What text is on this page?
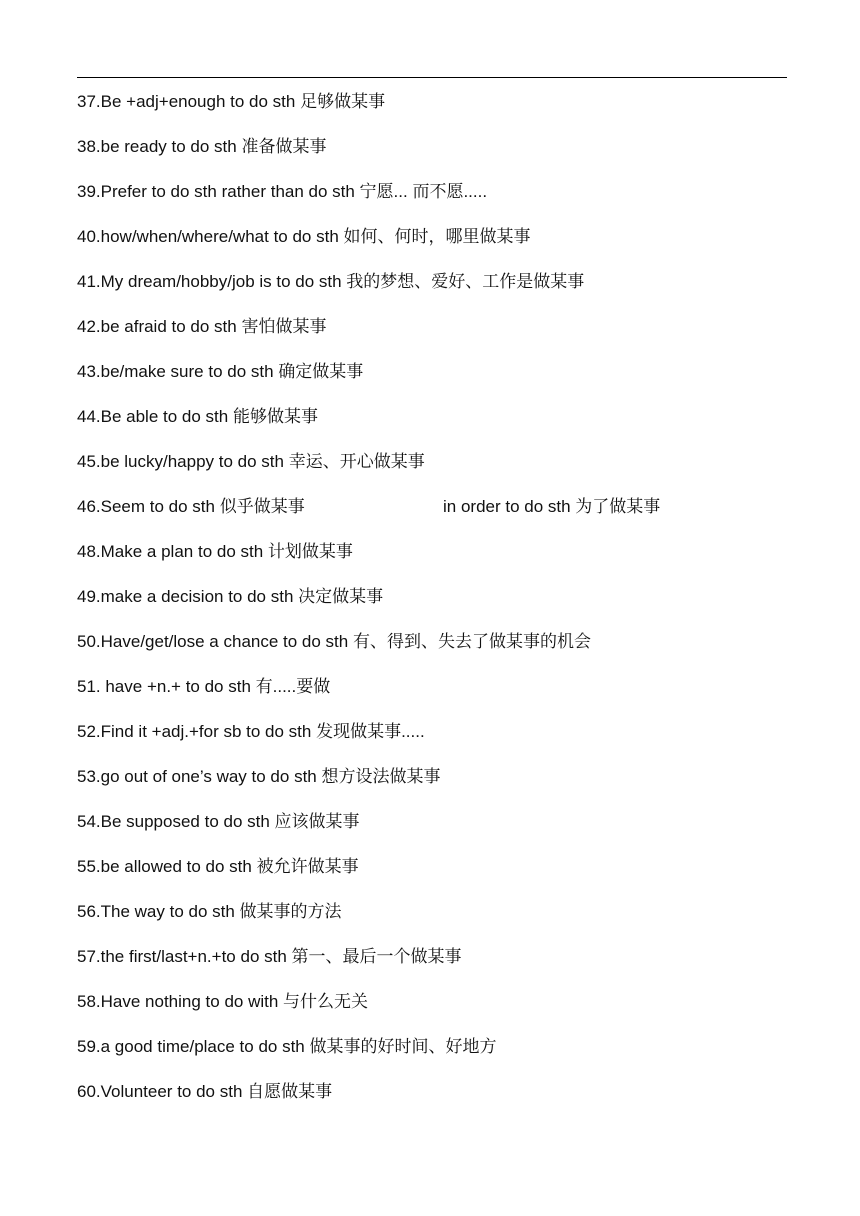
37.Be +adj+enough to do sth 足够做某事
38.be ready to do sth 准备做某事
39.Prefer to do sth rather than do sth 宁愿... 而不愿.....
40.how/when/where/what to do sth 如何、何时，哪里做某事
41.My dream/hobby/job is to do sth 我的梦想、爱好、工作是做某事
42.be afraid to do sth 害怕做某事
43.be/make sure to do sth 确定做某事
44.Be able to do sth 能够做某事
45.be lucky/happy to do sth 幸运、开心做某事
46.Seem to do sth 似乎做某事	in order to do sth 为了做某事
48.Make a plan to do sth 计划做某事
49.make a decision to do sth 决定做某事
50.Have/get/lose a chance to do sth 有、得到、失去了做某事的机会
51. have +n.+ to do sth 有.....要做
52.Find it +adj.+for sb to do sth 发现做某事.....
53.go out of one’s way to do sth 想方设法做某事
54.Be supposed to do sth 应该做某事
55.be allowed to do sth 被允许做某事
56.The way to do sth 做某事的方法
57.the first/last+n.+to do sth 第一、最后一个做某事
58.Have nothing to do with 与什么无关
59.a good time/place to do sth 做某事的好时间、好地方
60.Volunteer to do sth 自愿做某事
